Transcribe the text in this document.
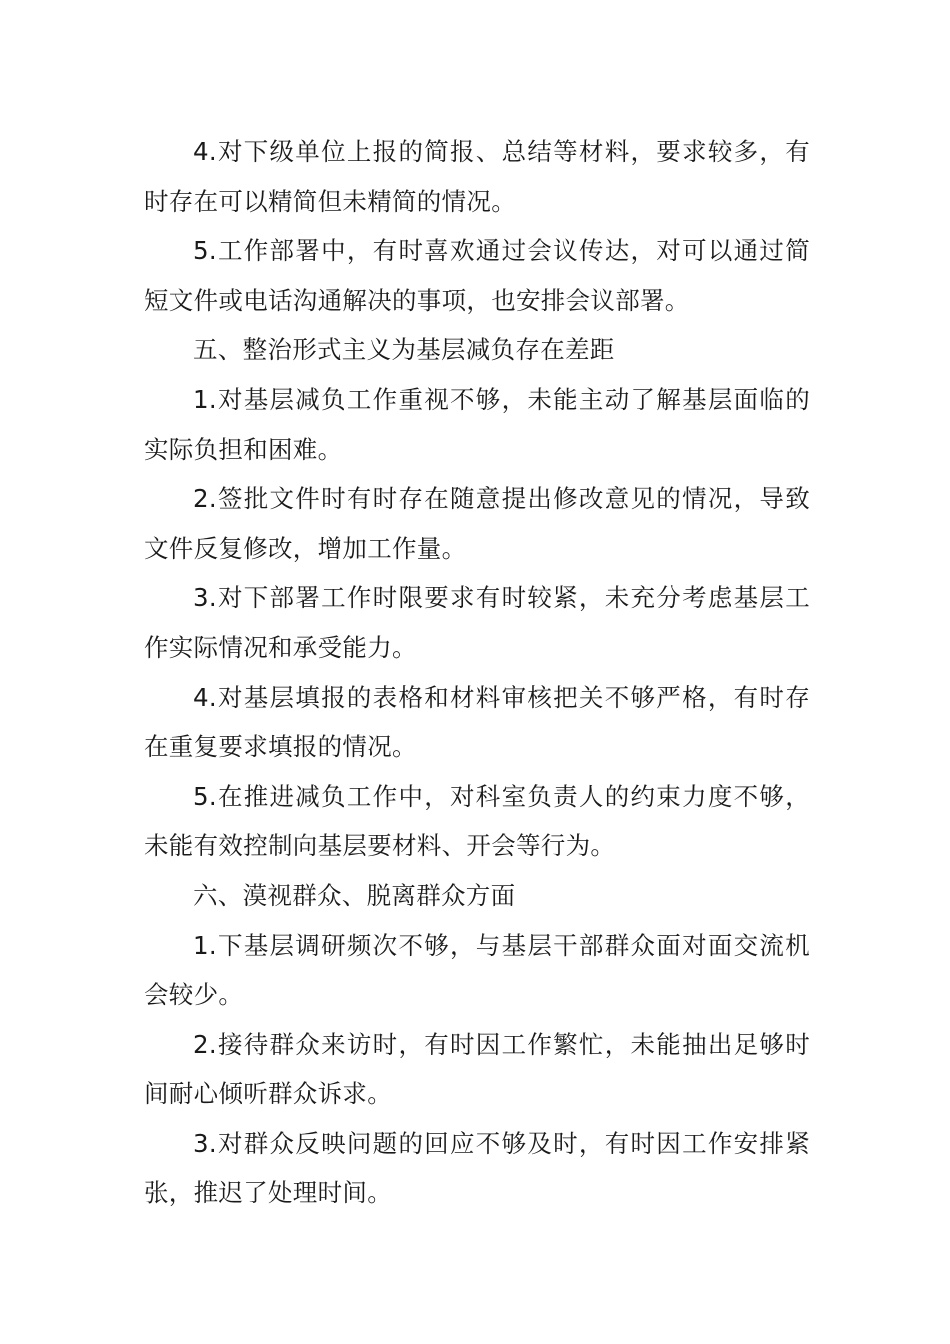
4.对下级单位上报的简报、总结等材料，要求较多，有时存在可以精简但未精简的情况。

5.工作部署中，有时喜欢通过会议传达，对可以通过简短文件或电话沟通解决的事项，也安排会议部署。

五、整治形式主义为基层减负存在差距

1.对基层减负工作重视不够，未能主动了解基层面临的实际负担和困难。

2.签批文件时有时存在随意提出修改意见的情况，导致文件反复修改，增加工作量。

3.对下部署工作时限要求有时较紧，未充分考虑基层工作实际情况和承受能力。

4.对基层填报的表格和材料审核把关不够严格，有时存在重复要求填报的情况。

5.在推进减负工作中，对科室负责人的约束力度不够，未能有效控制向基层要材料、开会等行为。

六、漠视群众、脱离群众方面

1.下基层调研频次不够，与基层干部群众面对面交流机会较少。

2.接待群众来访时，有时因工作繁忙，未能抽出足够时间耐心倾听群众诉求。

3.对群众反映问题的回应不够及时，有时因工作安排紧张，推迟了处理时间。
